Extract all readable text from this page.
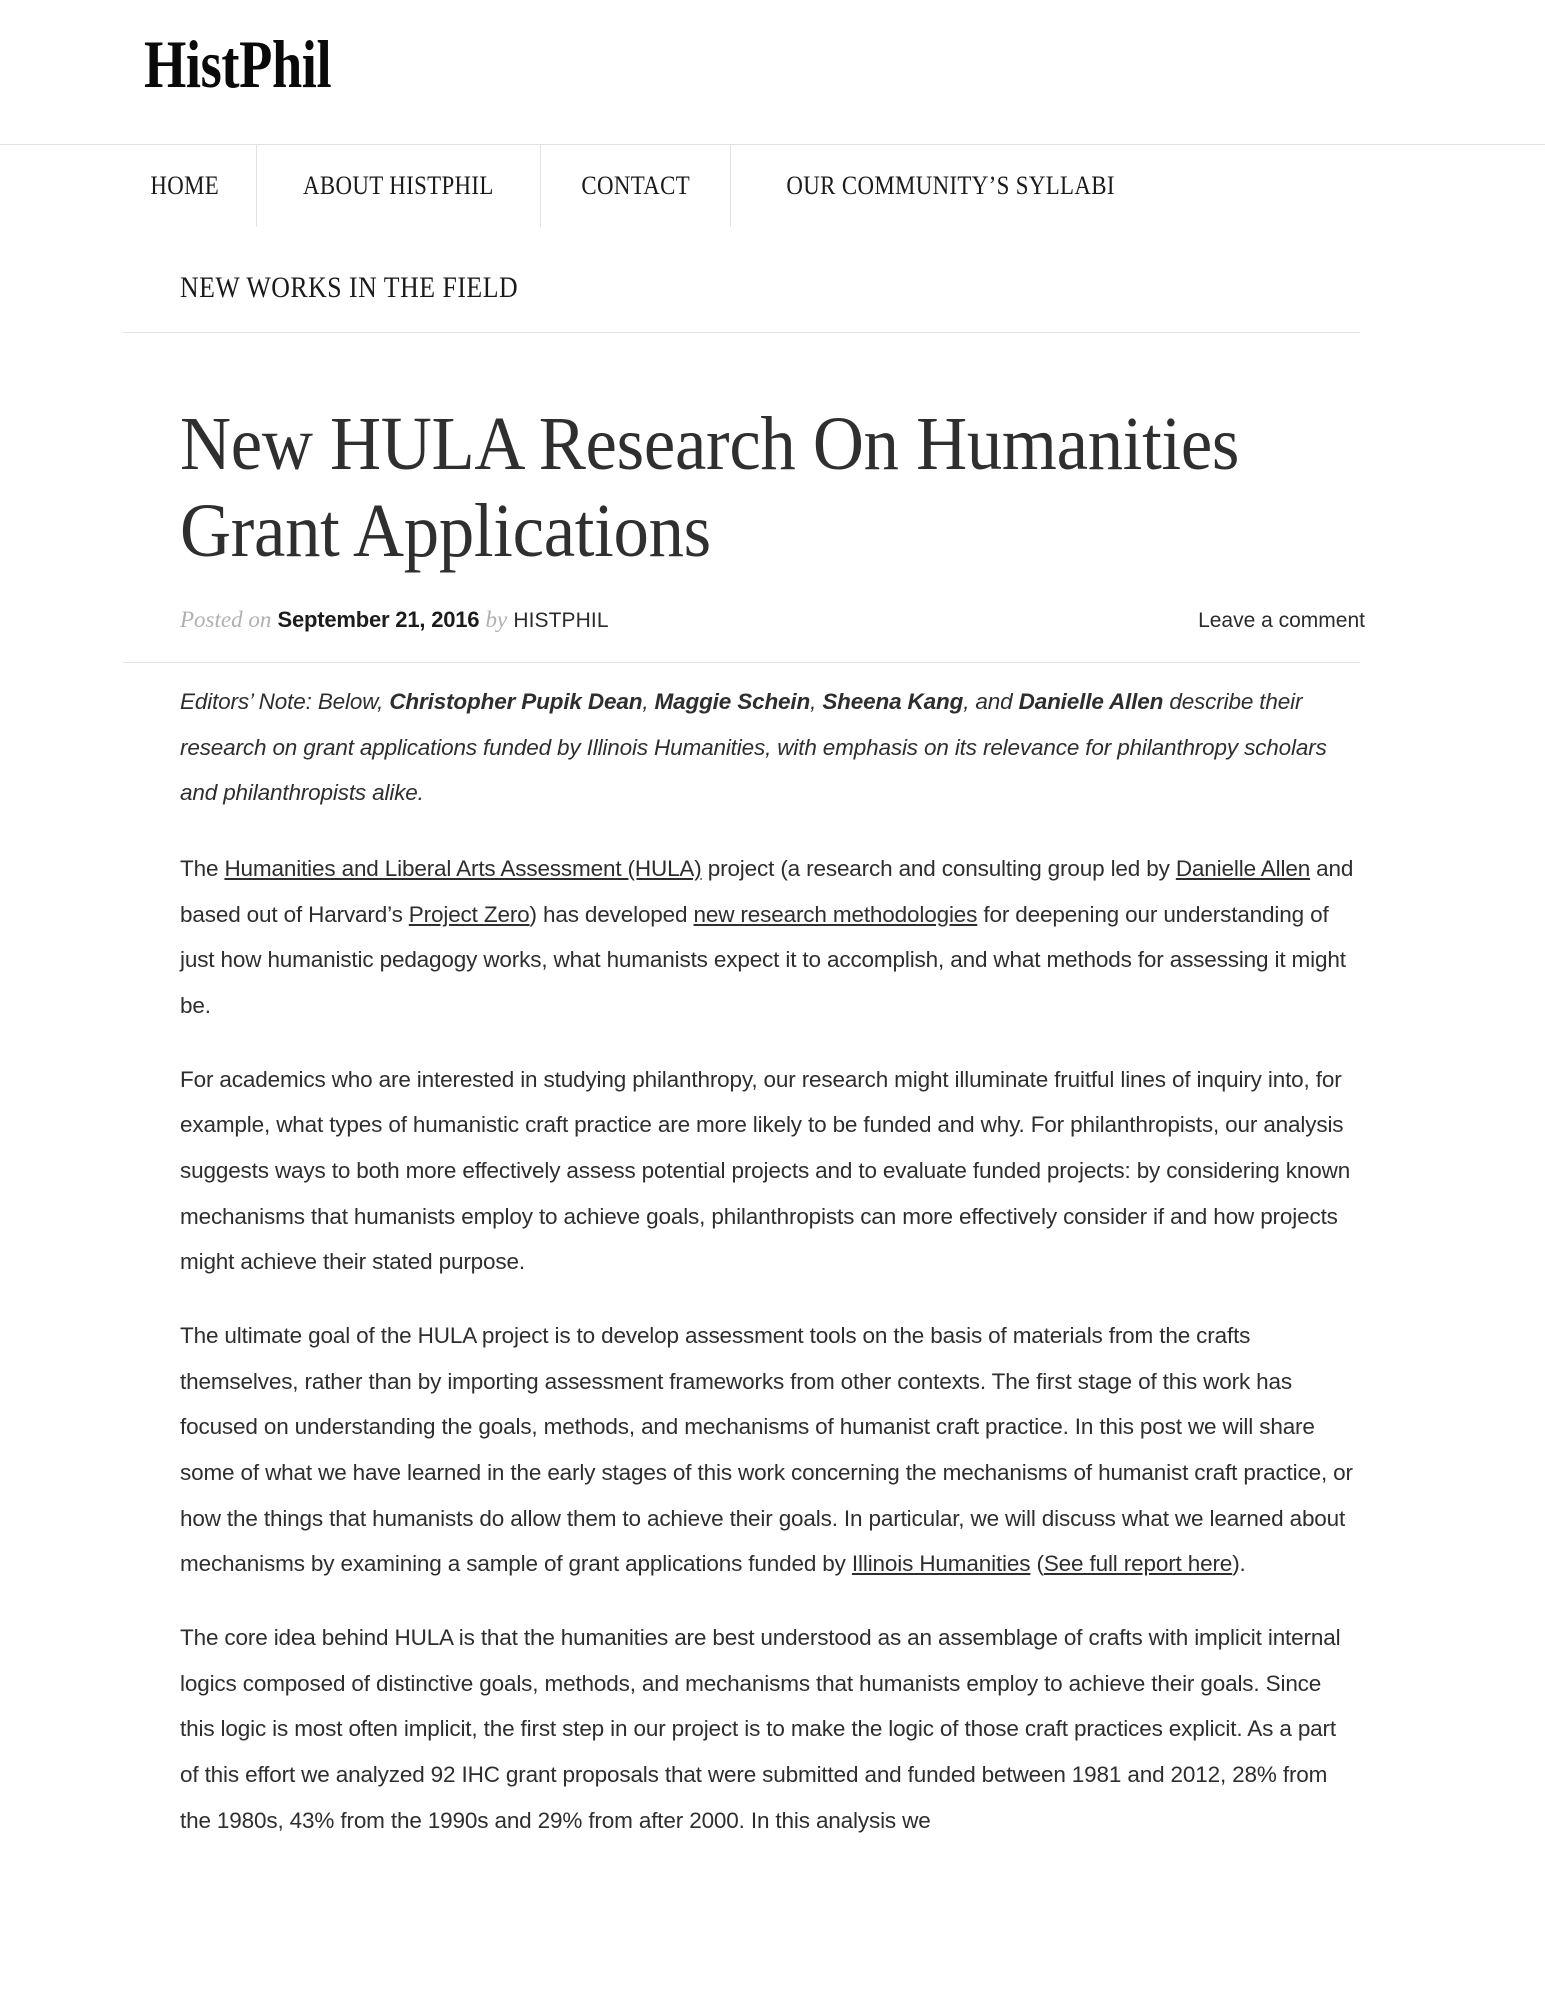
HistPhil
HOME	ABOUT HISTPHIL	CONTACT	OUR COMMUNITY’S SYLLABI
NEW WORKS IN THE FIELD
New HULA Research On Humanities Grant Applications
Posted on September 21, 2016 by HISTPHIL	Leave a comment

Editors’ Note: Below, Christopher Pupik Dean, Maggie Schein, Sheena Kang, and Danielle Allen describe their research on grant applications funded by Illinois Humanities, with emphasis on its relevance for philanthropy scholars and philanthropists alike.

The Humanities and Liberal Arts Assessment (HULA) project (a research and consulting group led by Danielle Allen and based out of Harvard’s Project Zero) has developed new research methodologies for deepening our understanding of just how humanistic pedagogy works, what humanists expect it to accomplish, and what methods for assessing it might be.

For academics who are interested in studying philanthropy, our research might illuminate fruitful lines of inquiry into, for example, what types of humanistic craft practice are more likely to be funded and why. For philanthropists, our analysis suggests ways to both more effectively assess potential projects and to evaluate funded projects: by considering known mechanisms that humanists employ to achieve goals, philanthropists can more effectively consider if and how projects might achieve their stated purpose.

The ultimate goal of the HULA project is to develop assessment tools on the basis of materials from the crafts themselves, rather than by importing assessment frameworks from other contexts. The first stage of this work has focused on understanding the goals, methods, and mechanisms of humanist craft practice. In this post we will share some of what we have learned in the early stages of this work concerning the mechanisms of humanist craft practice, or how the things that humanists do allow them to achieve their goals. In particular, we will discuss what we learned about mechanisms by examining a sample of grant applications funded by Illinois Humanities (See full report here).

The core idea behind HULA is that the humanities are best understood as an assemblage of crafts with implicit internal logics composed of distinctive goals, methods, and mechanisms that humanists employ to achieve their goals. Since this logic is most often implicit, the first step in our project is to make the logic of those craft practices explicit. As a part of this effort we analyzed 92 IHC grant proposals that were submitted and funded between 1981 and 2012, 28% from the 1980s, 43% from the 1990s and 29% from after 2000. In this analysis we
